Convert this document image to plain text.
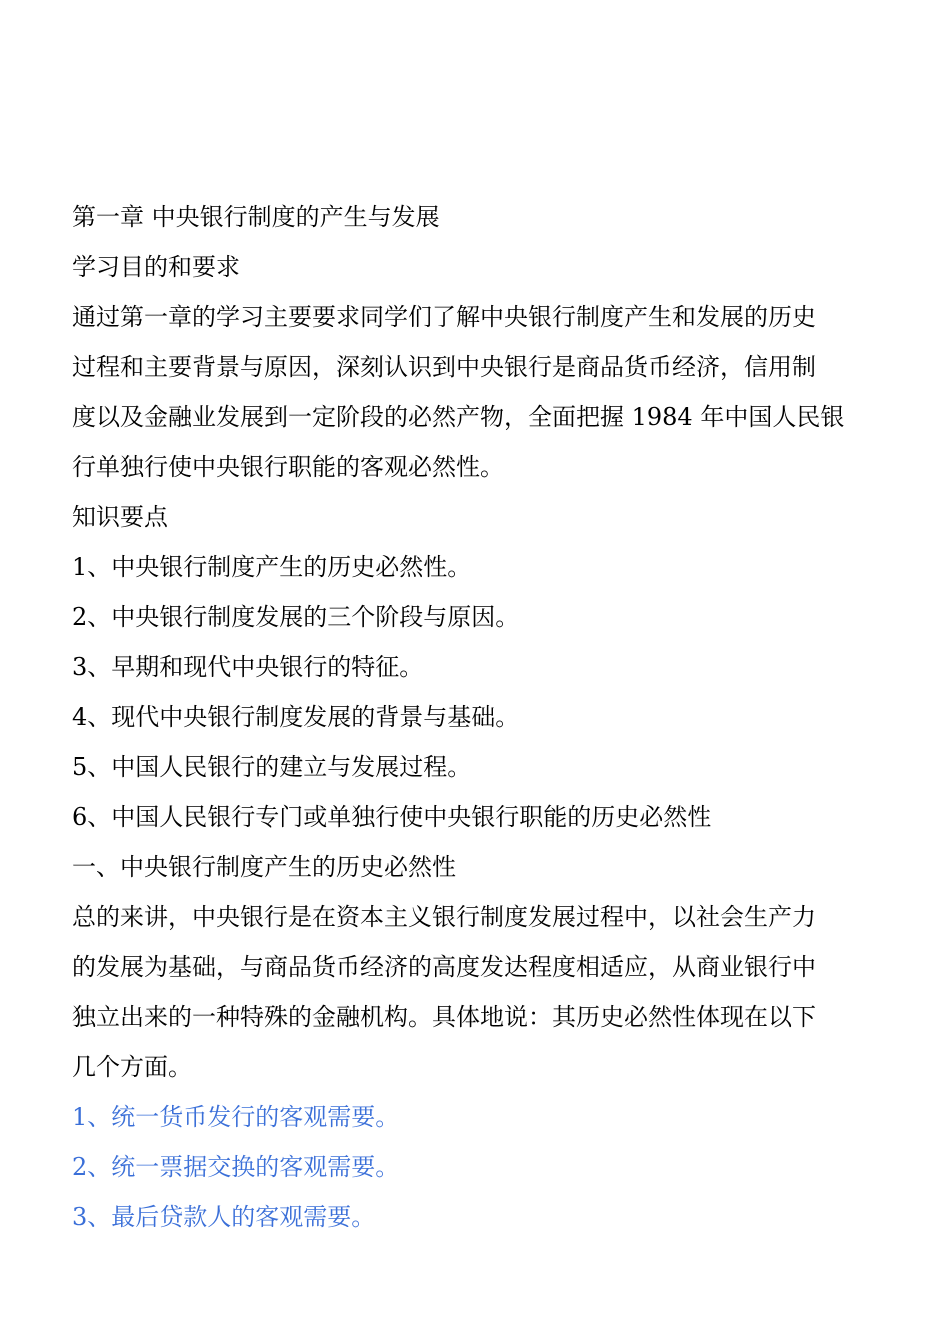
第一章 中央银行制度的产生与发展
学习目的和要求
通过第一章的学习主要要求同学们了解中央银行制度产生和发展的历史
过程和主要背景与原因，深刻认识到中央银行是商品货币经济，信用制
度以及金融业发展到一定阶段的必然产物，全面把握 1984 年中国人民银
行单独行使中央银行职能的客观必然性。
知识要点
1、中央银行制度产生的历史必然性。
2、中央银行制度发展的三个阶段与原因。
3、早期和现代中央银行的特征。
4、现代中央银行制度发展的背景与基础。
5、中国人民银行的建立与发展过程。
6、中国人民银行专门或单独行使中央银行职能的历史必然性
一、中央银行制度产生的历史必然性
总的来讲，中央银行是在资本主义银行制度发展过程中，以社会生产力
的发展为基础，与商品货币经济的高度发达程度相适应，从商业银行中
独立出来的一种特殊的金融机构。具体地说：其历史必然性体现在以下
几个方面。
1、统一货币发行的客观需要。
2、统一票据交换的客观需要。
3、最后贷款人的客观需要。
